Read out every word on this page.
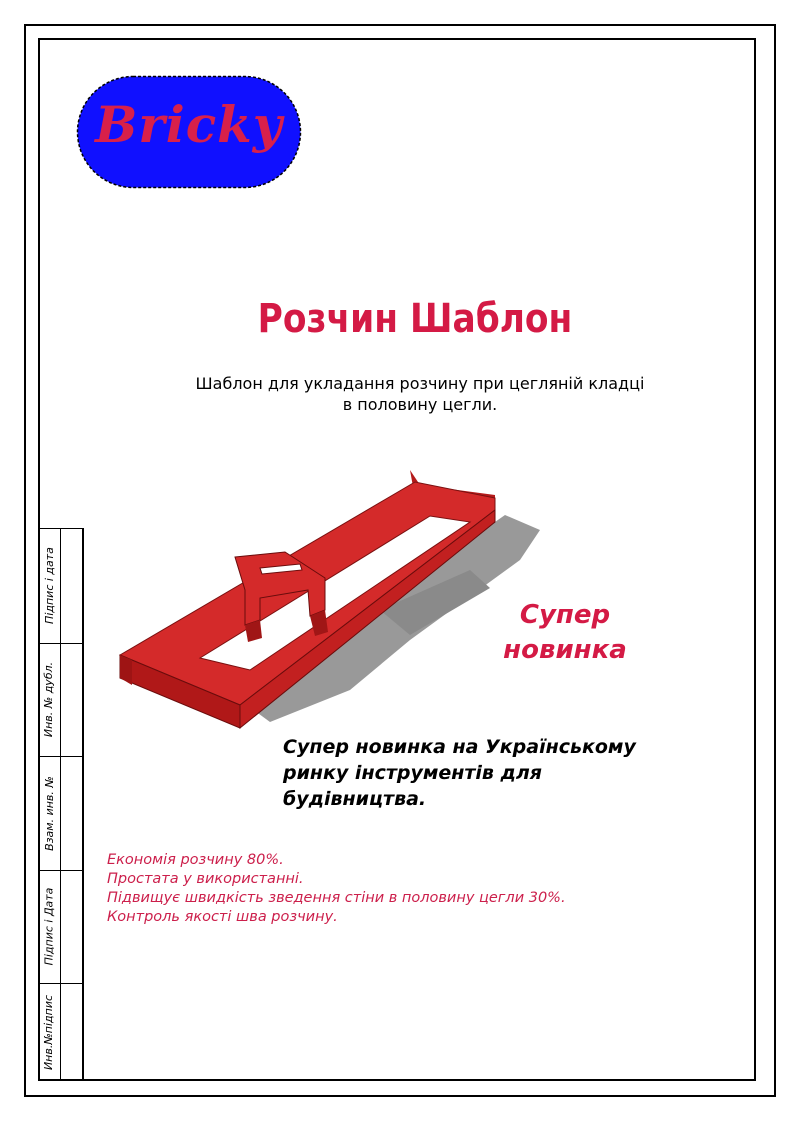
Bricky
Розчин Шаблон
Шаблон для укладання розчину при цегляній кладці
в половину цегли.
Супер
новинка
Супер новинка на Українському
ринку інструментів для
будівництва.
Економія розчину 80%.
Простата у використанні.
Підвищує швидкість зведення стіни в половину цегли 30%.
Контроль якості шва розчину.
Підпис і дата
Инв. № дубл.
Взам. инв. №
Підпис і Дата
Инв.№підпис
